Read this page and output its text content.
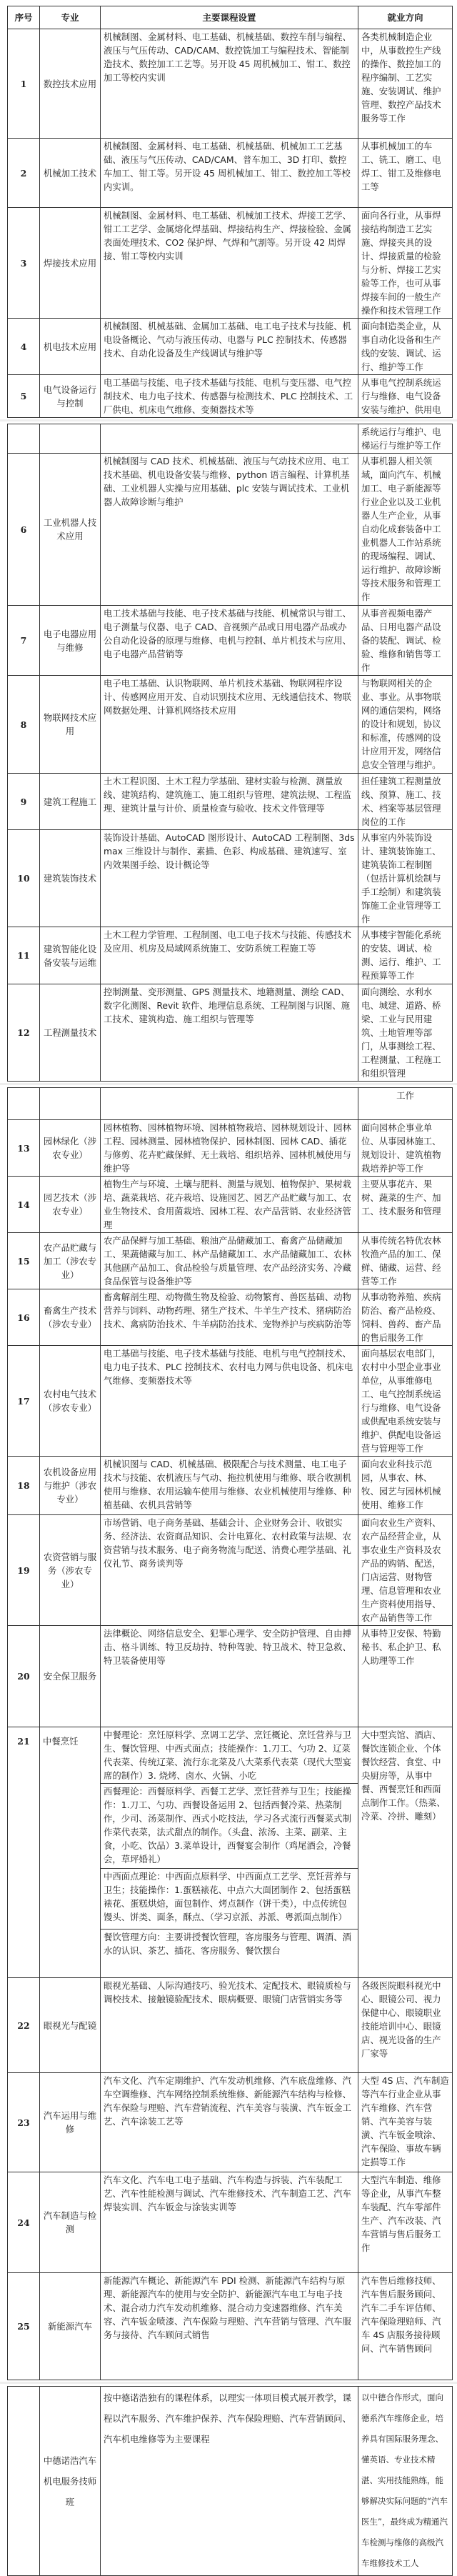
序号	专业	主要课程设置	就业方向
1	数控技术应用	机械制图、金属材料、电工基础、机械基础、数控车削与编程、液压与气压传动、CAD/CAM、数控铣加工与编程技术、智能制造技术、数控加工工艺等。另开设 45 周机械加工、钳工、数控加工等校内实训	各类机械制造企业中，从事数控生产线的操作、数控加工的程序编制、工艺实施、安装调试、维护管理、数控产品技术服务等工作
2	机械加工技术	机械制图、金属材料、电工基础、机械基础、机械加工工艺基础、液压与气压传动、CAD/CAM、普车加工、3D 打印、数控车加工、钳工等。另开设 45 周机械加工、钳工、数控加工等校内实训。	从事机械加工的车工、铣工、磨工、电焊工、钳工及维修电工等
3	焊接技术应用	机械制图、金属材料、电工基础、机械加工技术、焊接工艺学、钳工工艺学、金属熔化焊基础、焊接结构生产、焊接检验、金属表面处理技术、CO2 保护焊、气焊和气割等。另开设 42 周焊接、钳工等校内实训	面向各行业，从事焊接结构制造工艺实施、焊接夹具的设计、焊接质量的检验与分析、焊接工艺实验等工作，也可从事焊接车间的一般生产操作和技术管理工作
4	机电技术应用	机械制图、机械基础、金属加工基础、电工电子技术与技能、机电设备概论、气动与液压传动、电器与 PLC 控制技术、传感器技术、自动化设备及生产线调试与维护等	面向制造类企业，从事自动化设备和生产线的安装、调试、运行、维护等工作
5	电气设备运行与控制	电工基础与技能、电子技术基础与技能、电机与变压器、电气控制技术、电力电子技术、传感器与检测技术、PLC 控制技术、工厂供电、机床电气维修、变频器技术等	从事电气控制系统运行与维修、电气设备安装与维护、供用电
			系统运行与维护、电梯运行与维护等工作
6	工业机器人技术应用	机械制图与 CAD 技术、机械基础、液压与气动技术应用、电工技术基础、机电设备安装与维修、python 语言编程、计算机基础、工业机器人实操与应用基础、plc 安装与调试技术、工业机器人故障诊断与维护	从事机器人相关领域，面向汽车、机械加工、电子新能源等行业企业以及工业机器人生产企业，从事自动化成套装备中工业机器人工作站系统的现场编程、调试、运行维护、故障诊断等技术服务和管理工作
7	电子电器应用与维修	电工技术基础与技能、电子技术基础与技能、机械常识与钳工、电子测量与仪器、电子 CAD、音视频产品或日用电器产品或办公自动化设备的原理与维修、电机与控制、单片机技术与应用、电子电器产品营销等	从事音视频电器产品、日用电器产品设备的装配、调试、检验、维修和销售等工作
8	物联网技术应用	电子电工基础、认识物联网、单片机技术基础、物联网程序设计、传感网应用开发、自动识别技术应用、无线通信技术、物联网数据处理、计算机网络技术应用	与物联网相关的企业、事业。从事物联网的通信架构，网络的设计和规划，协议和标准，传感网的设计应用开发，网络信息安全管理与维护。
9	建筑工程施工	土木工程识图、土木工程力学基础、建材实验与检测、测量放线、建筑结构、建筑施工、施工组织与管理、建筑法规、工程监理、建筑计量与计价、质量检查与验收、技术文件管理等	担任建筑工程测量放线、预算、施工、技术、档案等基层管理岗位的工作
10	建筑装饰技术	装饰设计基础、AutoCAD 图形设计、AutoCAD 工程制图、3ds max 三维设计与制作、素描、色彩、构成基础、建筑速写、室内效果图手绘、设计概论等	从事室内外装饰设计、建筑装饰施工、建筑装饰工程制图（包括计算机绘制与手工绘制）和建筑装饰施工企业管理等工作
11	建筑智能化设备安装与运维	土木工程力学管理、工程制图、电工电子技术与技能、传感技术及应用、机房及局域网系统施工、安防系统工程施工等	从事楼宇智能化系统的安装、调试、检测、运行、维护、工程预算等工作
12	工程测量技术	控制测量、变形测量、GPS 测量技术、地籍测量、测绘 CAD、数字化测图、Revit 软件、地理信息系统、工程制图与识图、施工技术、建筑构造、施工组织与管理等	面向测绘、水利水电、城建、道路、桥梁、工业与民用建筑、土地管理等部门，从事测绘工程、工程测量、工程施工和组织管理
			工作
13	园林绿化（涉农专业）	园林植物、园林植物环境、园林植物栽培、园林规划设计、园林工程、园林测量、园林植物保护、园林制图、园林 CAD、插花与修剪、花卉贮藏保鲜、无土栽培、组织培养、园林机械使用与维护等	面向园林企事业单位、从事园林施工、规划设计、建筑植物栽培养护等工作
14	园艺技术（涉农专业）	植物生产与环境、土壤与肥料、测量与规划、植物保护、果树栽培、蔬菜栽培、花卉栽培、设施园艺、园艺产品贮藏与加工、农业生物技术、食用菌栽培、园林工程、农产品营销、农业经济管理	主要从事花卉、果树、蔬菜的生产、加工、技术服务和管理
15	农产品贮藏与加工（涉农专业）	农产品保鲜与加工基础、粮油产品储藏加工、畜禽产品储藏加工、果蔬储藏与加工、林产品储藏加工、水产品储藏加工、农林其他副产品加工、食品检验与质量管理、农产品经济实务、冷藏食品保管与设备维护等	从事传统名特优农林牧渔产品的加工、保鲜、储藏、运营、经营等工作
16	畜禽生产技术（涉农专业）	畜禽解剖生理、动物微生物及检验、动物繁育、兽医基础、动物营养与饲料、动物药理、猪生产技术、牛羊生产技术、猪病防治技术、禽病防治技术、牛羊病防治技术、宠物养护与疾病防治等	从事动物养殖、疾病防治、畜产品检疫、饲料、兽药、畜产品的售后服务工作
17	农村电气技术（涉农专业）	电工基础与技能、电子技术基础与技能、电机与电气控制技术、电力电子技术、PLC 控制技术、农村电力网与供电设备、机床电气维修、变频器技术等	面向基层农电部门，农村中小型企业事业单位，从事维修电工、电气控制系统运行与维修、电气设备或供配电系统安装与维护、供配电设备运营与管理等工作
18	农机设备应用与维护（涉农专业）	机械识图与 CAD、机械基础、极限配合与技术测量、电工电子技术与技能、农机液压与气动、拖拉机使用与维修、联合收割机使用与维修、农用运输车使用与维修、农业机械使用与维修、种植基础、农机具营销等	面向农业科技示范园，从事农、林、牧、园艺与园林机械使用、维修工作
19	农资营销与服务（涉农专业）	市场营销、电子商务基础、基础会计、企业财务会计、收银实务、经济法、农资商品知识、会计电算化、农村政策与法规、农资营销与技术服务、电子商务物流与配送、消费心理学基础、礼仪礼节、商务谈判等	面向农业生产资料、农产品经营企业，从事农业生产资料及农产品的购销、配送，门店运营、财物管理、信息管理和农业生产资料使用指导、农产品销售等工作
20	安全保卫服务	法律概论、网络信息安全、犯罪心理学、安全防护管理、自由搏击、格斗训练、特卫反劫持、特种驾驶、特卫战术、特卫急救、特卫装备使用等	从事特卫安保、特勤秘书、私企护卫、私人助理等工作
21	中餐烹饪	中餐理论：烹饪原料学、烹调工艺学、烹饪概论、烹饪营养与卫生、餐饮管理、中西式面点；技能操作：1.刀工、勺功 2、辽菜代表菜、传统辽菜、流行东北菜及八大菜系代表菜（现代大型宴席的制作）3. 烧烤、卤水、火锅、小吃	大中型宾馆、酒店、餐饮连锁企业、个体餐饮经营、食堂、中央厨房等，从事中餐、西餐烹饪和西面点制作工作。（热菜、冷菜、冷拼、雕刻）
		西餐理论：西餐原料学、西餐工艺学、烹饪营养与卫生；技能操作：1.刀工、勺功、西餐设备运用 2、包括西餐冷菜、热菜制作，少司、汤菜制作、西式小吃技法，学习各式流行西餐菜式制作菜代表菜，法式甜点的制作。（头盘、浓汤、主菜、副菜、主食，小吃、饮品）3.菜单设计，西餐宴会制作（鸡尾酒会，冷餐会，草坪婚礼）	
		中西面点理论：中西面点原料学、中西面点工艺学、烹饪营养与卫生；技能操作：1.蛋糕裱花、中点六大面团制作 2、包括蛋糕裱花、蛋糕烘焙，面包制作、烤点制作（饼干类），中点传统包馒头、饼类、面条，酥点、（学习京派、苏派、粤派面点制作）	
		餐饮管理方向：主要讲授餐饮管理，客房服务与管理、调酒、酒水的认识、茶艺、插花、客房服务、餐饮摆台	
22	眼视光与配镜	眼视光基础、人际沟通技巧、验光技术、定配技术、眼镜质检与调校技术、接触镜验配技术、眼病概要、眼镜门店营销实务等	各级医院眼科视光中心、眼镜公司、视力保健中心、眼镜职业技能培训中心、眼镜店、视光设备的生产厂家等
23	汽车运用与维修	汽车文化、汽车定期维护、汽车发动机维修、汽车底盘维修、汽车空调维修、汽车网络控制系统维修、新能源汽车结构与检修、汽车保险与理赔、汽车营销流程、汽车美容与装潢、汽车钣金工艺、汽车涂装工艺等	大型 4S 店、汽车制造等汽车行业企业从事汽车维修、汽车营销、汽车美容与装潢、汽车钣金喷涂、汽车保险、事故车辆定损等工作
24	汽车制造与检测	汽车文化、汽车电工电子基础、汽车构造与拆装、汽车装配工艺、汽车性能检测与调试、汽车维修技术、汽车制造工艺、汽车焊装实训、汽车钣金与涂装实训等	大型汽车制造、维修等企业，从事汽车整车装配、汽车零部件生产、汽车改装、汽车营销与售后服务工作
25	新能源汽车	新能源汽车概论、新能源汽车 PDI 检测、新能源汽车结构与原理、新能源汽车的使用与安全防护、新能源汽车电工与电子技术、混合动力汽车发动机维修、混合动力变速器维修、汽车美容、汽车钣金喷漆、汽车保险与理赔、汽车营销与管理、汽车服务与接待、汽车顾问式销售	汽车售后维修技师、汽车售后服务顾问、汽车二手车评估师、汽车保险理赔师、汽车 4S 店服务接待顾问、汽车销售顾问
	中德诺浩汽车机电服务技师班	按中德诺浩独有的课程体系，以理实一体项目模式展开教学，课程以汽车服务、汽车维护保养、汽车保险理赔、汽车营销顾问、汽车机电维修等为主要课程	以中德合作形式，面向德系汽车维修企业，培养具有国际服务理念、懂英语、专业技术精湛、实用技能熟练，能够解决实际问题的“汽车医生”，最终成为精通汽车检测与维修的高级汽车维修技术工人
